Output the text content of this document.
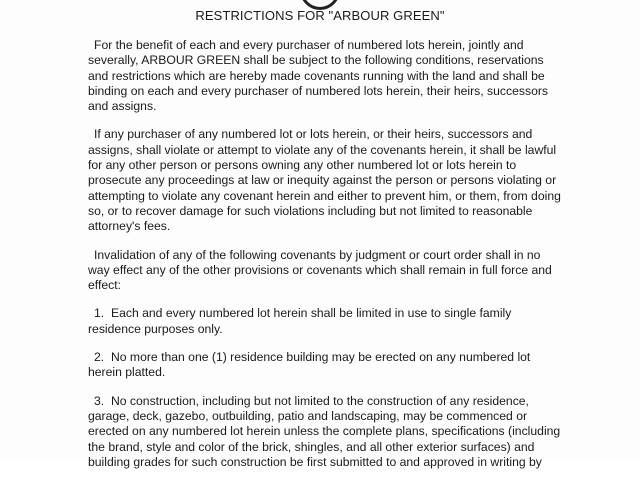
RESTRICTIONS FOR "ARBOUR GREEN"
For the benefit of each and every purchaser of numbered lots herein, jointly and
severally, ARBOUR GREEN shall be subject to the following conditions, reservations
and restrictions which are hereby made covenants running with the land and shall be
binding on each and every purchaser of numbered lots herein, their heirs, successors
and assigns.
If any purchaser of any numbered lot or lots herein, or their heirs, successors and
assigns, shall violate or attempt to violate any of the covenants herein, it shall be lawful
for any other person or persons owning any other numbered lot or lots herein to
prosecute any proceedings at law or inequity against the person or persons violating or
attempting to violate any covenant herein and either to prevent him, or them, from doing
so, or to recover damage for such violations including but not limited to reasonable
attorney's fees.
Invalidation of any of the following covenants by judgment or court order shall in no
way effect any of the other provisions or covenants which shall remain in full force and
effect:
1. Each and every numbered lot herein shall be limited in use to single family
residence purposes only.
2. No more than one (1) residence building may be erected on any numbered lot
herein platted.
3. No construction, including but not limited to the construction of any residence,
garage, deck, gazebo, outbuilding, patio and landscaping, may be commenced or
erected on any numbered lot herein unless the complete plans, specifications (including
the brand, style and color of the brick, shingles, and all other exterior surfaces) and
building grades for such construction be first submitted to and approved in writing by
